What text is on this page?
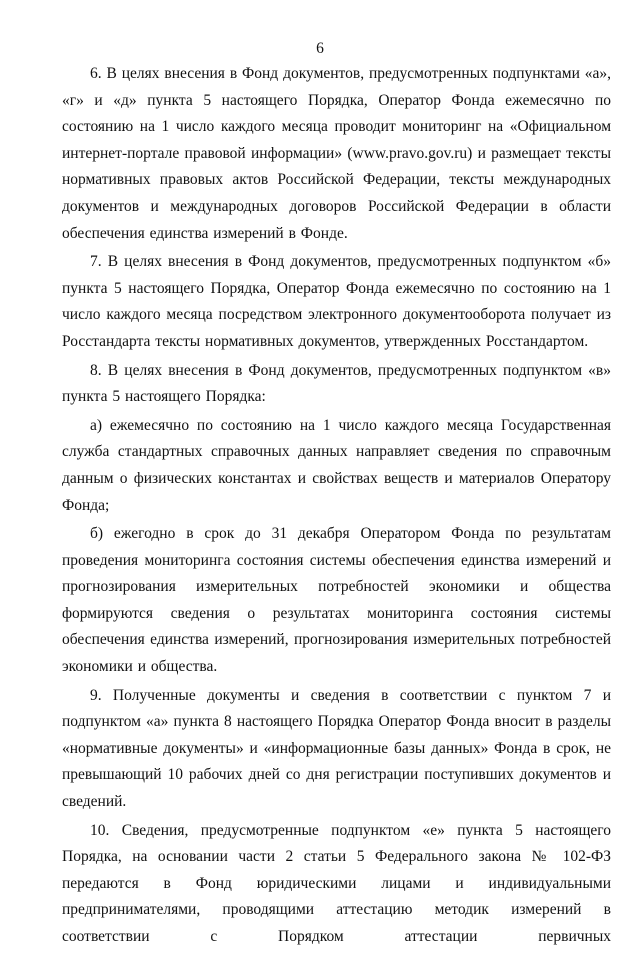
6

6. В целях внесения в Фонд документов, предусмотренных подпунктами «а», «г» и «д» пункта 5 настоящего Порядка, Оператор Фонда ежемесячно по состоянию на 1 число каждого месяца проводит мониторинг на «Официальном интернет-портале правовой информации» (www.pravo.gov.ru) и размещает тексты нормативных правовых актов Российской Федерации, тексты международных документов и международных договоров Российской Федерации в области обеспечения единства измерений в Фонде.

7. В целях внесения в Фонд документов, предусмотренных подпунктом «б» пункта 5 настоящего Порядка, Оператор Фонда ежемесячно по состоянию на 1 число каждого месяца посредством электронного документооборота получает из Росстандарта тексты нормативных документов, утвержденных Росстандартом.

8. В целях внесения в Фонд документов, предусмотренных подпунктом «в» пункта 5 настоящего Порядка:

а) ежемесячно по состоянию на 1 число каждого месяца Государственная служба стандартных справочных данных направляет сведения по справочным данным о физических константах и свойствах веществ и материалов Оператору Фонда;

б) ежегодно в срок до 31 декабря Оператором Фонда по результатам проведения мониторинга состояния системы обеспечения единства измерений и прогнозирования измерительных потребностей экономики и общества формируются сведения о результатах мониторинга состояния системы обеспечения единства измерений, прогнозирования измерительных потребностей экономики и общества.

9. Полученные документы и сведения в соответствии с пунктом 7 и подпунктом «а» пункта 8 настоящего Порядка Оператор Фонда вносит в разделы «нормативные документы» и «информационные базы данных» Фонда в срок, не превышающий 10 рабочих дней со дня регистрации поступивших документов и сведений.

10. Сведения, предусмотренные подпунктом «е» пункта 5 настоящего Порядка, на основании части 2 статьи 5 Федерального закона № 102-ФЗ передаются в Фонд юридическими лицами и индивидуальными предпринимателями, проводящими аттестацию методик измерений в соответствии с Порядком аттестации первичных
